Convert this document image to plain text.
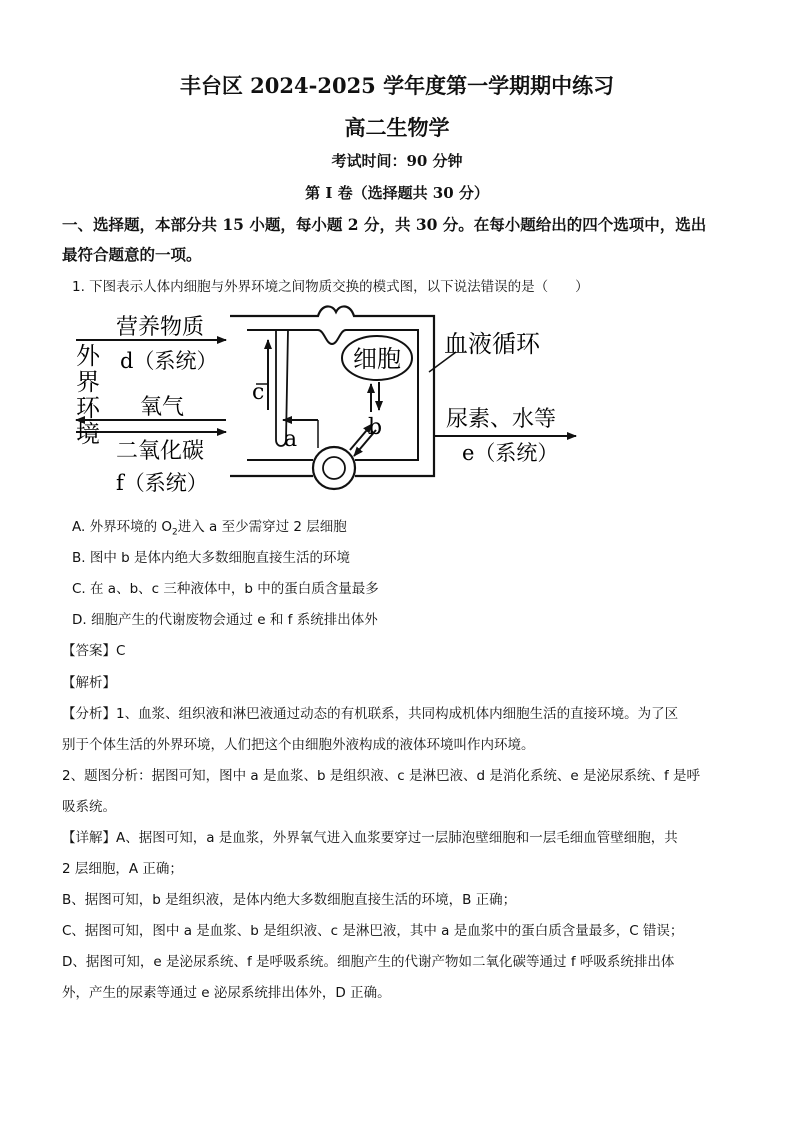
丰台区 2024-2025 学年度第一学期期中练习
高二生物学
考试时间：90 分钟
第 I 卷（选择题共 30 分）
一、选择题，本部分共 15 小题，每小题 2 分，共 30 分。在每小题给出的四个选项中，选出
最符合题意的一项。
1. 下图表示人体内细胞与外界环境之间物质交换的模式图，以下说法错误的是（　　）
细胞
外
界
环
境
营养物质
d（系统）
氧气
二氧化碳
f（系统）
c
a	b
血液循环
尿素、水等
e（系统）
A. 外界环境的 $O_2$进入 a 至少需穿过 2 层细胞
B. 图中 b 是体内绝大多数细胞直接生活的环境
C. 在 a、b、c 三种液体中，b 中的蛋白质含量最多
D. 细胞产生的代谢废物会通过 e 和 f 系统排出体外
【答案】C
【解析】
【分析】1、血浆、组织液和淋巴液通过动态的有机联系，共同构成机体内细胞生活的直接环境。为了区
别于个体生活的外界环境，人们把这个由细胞外液构成的液体环境叫作内环境。
2、题图分析：据图可知，图中 a 是血浆、b 是组织液、c 是淋巴液、d 是消化系统、e 是泌尿系统、f 是呼
吸系统。
【详解】A、据图可知，a 是血浆，外界氧气进入血浆要穿过一层肺泡壁细胞和一层毛细血管壁细胞，共
2 层细胞，A 正确；
B、据图可知，b 是组织液，是体内绝大多数细胞直接生活的环境，B 正确；
C、据图可知，图中 a 是血浆、b 是组织液、c 是淋巴液，其中 a 是血浆中的蛋白质含量最多，C 错误；
D、据图可知，e 是泌尿系统、f 是呼吸系统。细胞产生的代谢产物如二氧化碳等通过 f 呼吸系统排出体
外，产生的尿素等通过 e 泌尿系统排出体外，D 正确。
